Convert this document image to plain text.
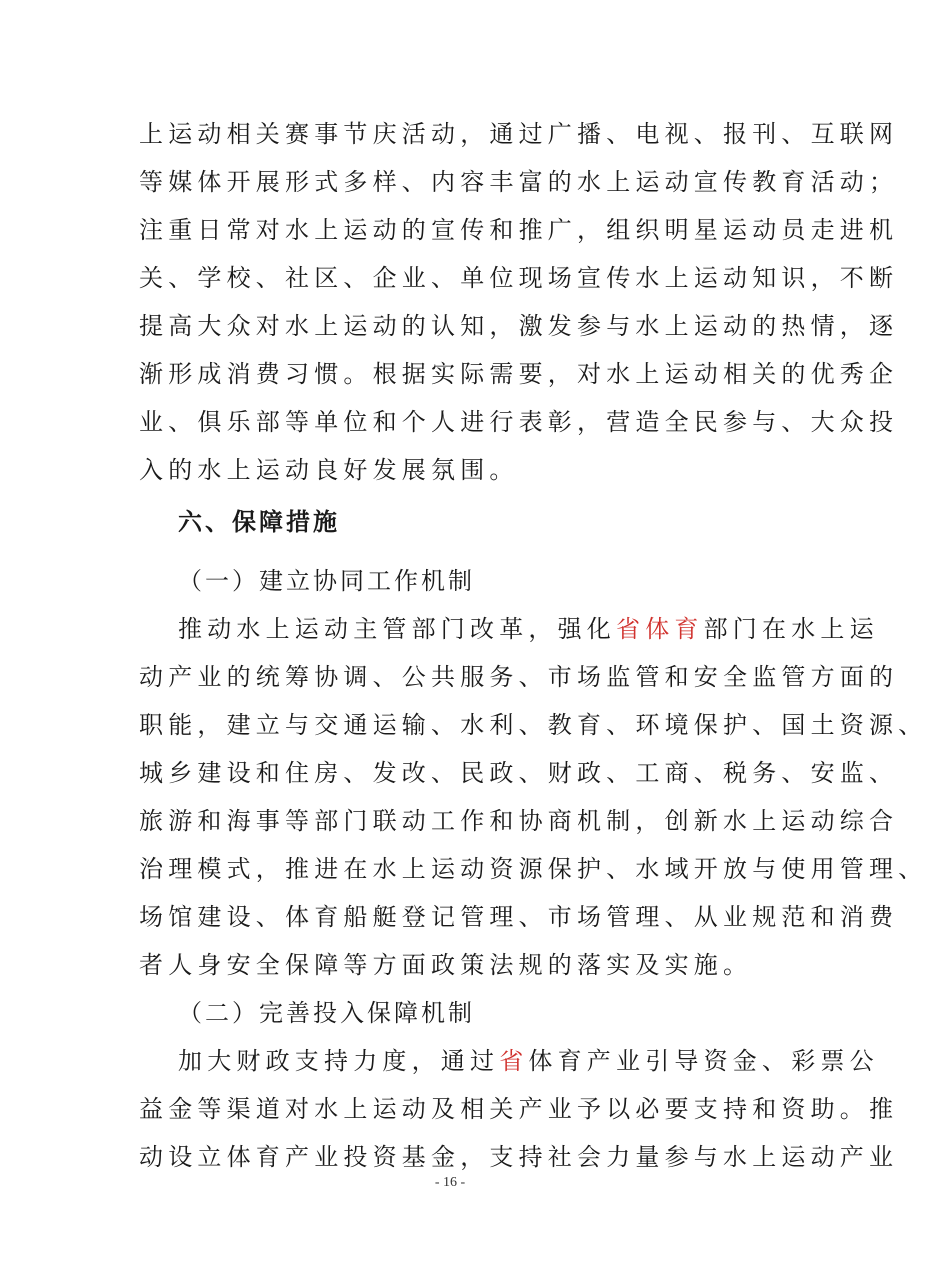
上运动相关赛事节庆活动，通过广播、电视、报刊、互联网
等媒体开展形式多样、内容丰富的水上运动宣传教育活动；
注重日常对水上运动的宣传和推广，组织明星运动员走进机
关、学校、社区、企业、单位现场宣传水上运动知识，不断
提高大众对水上运动的认知，激发参与水上运动的热情，逐
渐形成消费习惯。根据实际需要，对水上运动相关的优秀企
业、俱乐部等单位和个人进行表彰，营造全民参与、大众投
入的水上运动良好发展氛围。
六、保障措施
（一）建立协同工作机制
推动水上运动主管部门改革，强化省体育部门在水上运
动产业的统筹协调、公共服务、市场监管和安全监管方面的
职能，建立与交通运输、水利、教育、环境保护、国土资源、
城乡建设和住房、发改、民政、财政、工商、税务、安监、
旅游和海事等部门联动工作和协商机制，创新水上运动综合
治理模式，推进在水上运动资源保护、水域开放与使用管理、
场馆建设、体育船艇登记管理、市场管理、从业规范和消费
者人身安全保障等方面政策法规的落实及实施。
（二）完善投入保障机制
加大财政支持力度，通过省体育产业引导资金、彩票公
益金等渠道对水上运动及相关产业予以必要支持和资助。推
动设立体育产业投资基金，支持社会力量参与水上运动产业
- 16 -
